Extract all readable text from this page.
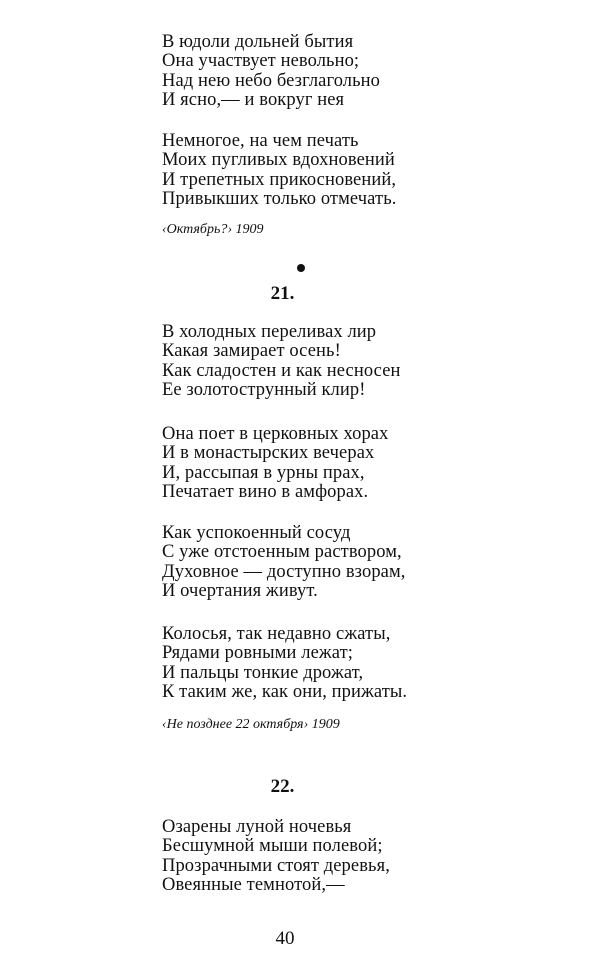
В юдоли дольней бытия
Она участвует невольно;
Над нею небо безглагольно
И ясно,— и вокруг нея
Немногое, на чем печать
Моих пугливых вдохновений
И трепетных прикосновений,
Привыкших только отмечать.
‹Октябрь?› 1909
21.
В холодных переливах лир
Какая замирает осень!
Как сладостен и как несносен
Ее золотострунный клир!
Она поет в церковных хорах
И в монастырских вечерах
И, рассыпая в урны прах,
Печатает вино в амфорах.
Как успокоенный сосуд
С уже отстоенным раствором,
Духовное — доступно взорам,
И очертания живут.
Колосья, так недавно сжаты,
Рядами ровными лежат;
И пальцы тонкие дрожат,
К таким же, как они, прижаты.
‹Не позднее 22 октября› 1909
22.
Озарены луной ночевья
Бесшумной мыши полевой;
Прозрачными стоят деревья,
Овеянные темнотой,—
40
